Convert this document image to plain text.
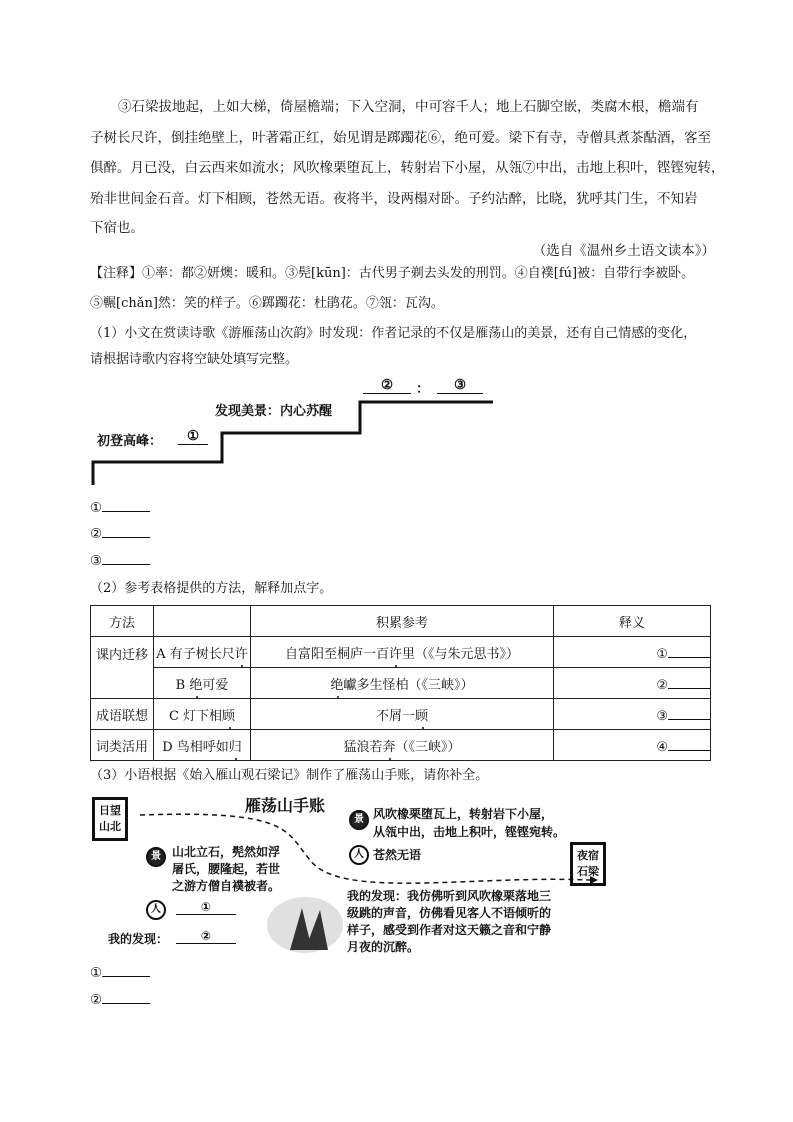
③石梁拔地起，上如大梯，倚屋檐端；下入空洞，中可容千人；地上石脚空嵌，类腐木根，檐端有
子树长尺许，倒挂绝壁上，叶著霜正红，始见谓是踯躅花⑥，绝可爱。梁下有寺，寺僧具煮茶酤酒，客至
俱醉。月已没，白云西来如流水；风吹橡栗堕瓦上，转射岩下小屋，从瓴⑦中出，击地上积叶，铿铿宛转，
殆非世间金石音。灯下相顾，苍然无语。夜将半，设两榻对卧。子约沾醉，比晓，犹呼其门生，不知岩
下宿也。
（选自《温州乡土语文读本》）
【注释】①率：都②妍燠：暖和。③髡[kūn]：古代男子剃去头发的刑罚。④自襆[fú]被：自带行李被卧。
⑤冁[chǎn]然：笑的样子。⑥踯躅花：杜鹃花。⑦瓴：瓦沟。
（1）小文在赏读诗歌《游雁荡山次韵》时发现：作者记录的不仅是雁荡山的美景，还有自己情感的变化，
请根据诗歌内容将空缺处填写完整。
初登高峰：	①
发现美景：内心苏醒
②	：	③
①
②
③
（2）参考表格提供的方法，解释加点字。
方法		积累参考	释义
课内迁移	A 有子树长尺许	自富阳至桐庐一百许里（《与朱元思书》）	①
	B 绝可爱	绝巘多生怪柏（《三峡》）	②
成语联想	C 灯下相顾	不屑一顾	③
词类活用	D 鸟相呼如归	猛浪若奔（《三峡》）	④
（3）小语根据《始入雁山观石梁记》制作了雁荡山手账，请你补全。
日望
山北
夜宿
石梁
雁荡山手账
景 山北立石，髡然如浮
屠氏，腰隆起，若世
之游方僧自襆被者。
人	①
我的发现：	②
景 风吹橡栗堕瓦上，转射岩下小屋，
从瓴中出，击地上积叶，铿铿宛转。
人 苍然无语
我的发现：我仿佛听到风吹橡栗落地三
级跳的声音，仿佛看见客人不语倾听的
样子，感受到作者对这天籁之音和宁静
月夜的沉醉。
①
②
